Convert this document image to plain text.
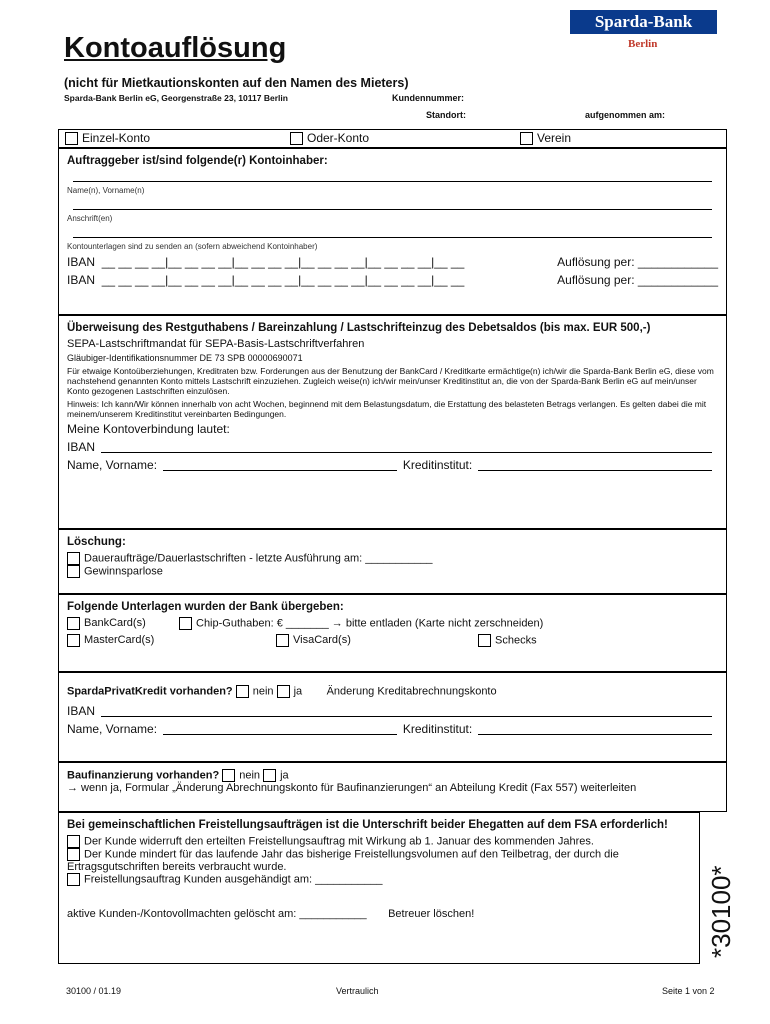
Sparda-Bank
Berlin
Kontoauflösung
(nicht für Mietkautionskonten auf den Namen des Mieters)
Sparda-Bank Berlin eG, Georgenstraße 23, 10117 Berlin	Kundennummer:
Standort:	aufgenommen am:
Einzel-Konto	Oder-Konto	Verein
Auftraggeber ist/sind folgende(r) Kontoinhaber:
Name(n), Vorname(n)
Anschrift(en)
Kontounterlagen sind zu senden an (sofern abweichend Kontoinhaber)
IBAN
__ __ __ __|__ __ __ __|__ __ __ __|__ __ __ __|__ __ __ __|__ __	Auflösung per:
____________
IBAN
__ __ __ __|__ __ __ __|__ __ __ __|__ __ __ __|__ __ __ __|__ __	Auflösung per:
____________
Überweisung des Restguthabens / Bareinzahlung / Lastschrifteinzug des Debetsaldos (bis max. EUR 500,-)
SEPA-Lastschriftmandat für SEPA-Basis-Lastschriftverfahren
Gläubiger-Identifikationsnummer DE 73 SPB 00000690071
Für etwaige Kontoüberziehungen, Kreditraten bzw. Forderungen aus der Benutzung der BankCard / Kreditkarte ermächtige(n) ich/wir die Sparda-Bank Berlin eG, diese vom nachstehend genannten Konto mittels Lastschrift einzuziehen. Zugleich weise(n) ich/wir mein/unser Kreditinstitut an, die von der Sparda-Bank Berlin eG auf mein/unser Konto gezogenen Lastschriften einzulösen.
Hinweis: Ich kann/Wir können innerhalb von acht Wochen, beginnend mit dem Belastungsdatum, die Erstattung des belasteten Betrags verlangen. Es gelten dabei die mit meinem/unserem Kreditinstitut vereinbarten Bedingungen.
Meine Kontoverbindung lautet:
IBAN
Name, Vorname:	Kreditinstitut:
Löschung:
Daueraufträge/Dauerlastschriften - letzte Ausführung am: ___________
Gewinnsparlose
Folgende Unterlagen wurden der Bank übergeben:
BankCard(s)	Chip-Guthaben: € _______ → bitte entladen (Karte nicht zerschneiden)
MasterCard(s)	VisaCard(s)	Schecks
SpardaPrivatKredit vorhanden? nein ja Änderung Kreditabrechnungskonto
IBAN
Name, Vorname:	Kreditinstitut:
Baufinanzierung vorhanden? nein ja
→ wenn ja, Formular „Änderung Abrechnungskonto für Baufinanzierungen“ an Abteilung Kredit (Fax 557) weiterleiten
Bei gemeinschaftlichen Freistellungsaufträgen ist die Unterschrift beider Ehegatten auf dem FSA erforderlich!
Der Kunde widerruft den erteilten Freistellungsauftrag mit Wirkung ab 1. Januar des kommenden Jahres.
Der Kunde mindert für das laufende Jahr das bisherige Freistellungsvolumen auf den Teilbetrag, der durch die Ertragsgutschriften bereits verbraucht wurde.
Freistellungsauftrag Kunden ausgehändigt am: ___________
aktive Kunden-/Kontovollmachten gelöscht am: ___________ Betreuer löschen!	*30100*
30100 / 01.19	Vertraulich	Seite 1 von 2
